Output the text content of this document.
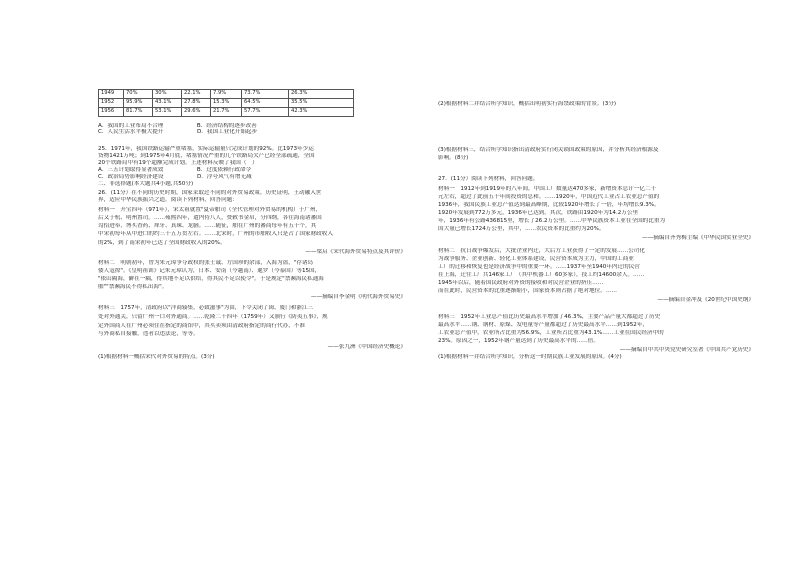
1949	70%	30%	22.1%	7.9%	73.7%	26.3%
1952	95.9%	43.1%	27.8%	15.3%	64.5%	35.5%
1956	81.7%	53.1%	29.6%	21.7%	57.7%	42.3%
A．我国的工业布局不合理　　　　　　B．经济结构的逐步改善
C．人民生活水平极大提升　　　　　　D．我国工业化开始起步
25．1971年，我国铁路运输严重堵塞，实际运输量只完成计划的92%。比1973年少运
货物1421万吨；到1975年4月底，堵塞情况严重的几个铁路局欠产已经全部疏通，全国
20个铁路局中有19个超额完成计划。上述材料反映了我国（　）
A．三五计划取得显著成效　　　　　　B．过度依赖行政命令
C．政治局势影响经济建设　　　　　　D．浮夸风气有增无减
二、非选择题(本大题共4小题,共50分)
26．(11分）在不同的历史时期，国家采取过不同的对外贸易政策。历史证明，王动融入世
界，适应中华民族振兴之道。阅读下列材料，回答问题：
材料一　开宝四年（971年），宋太祖就置"夏帝舶司（全代管理对外贸易的机构）于广州，
后又于杭、明州置司。……雍熙四年，遣内侍八人，赍敕书金帛，分四纲，各往海南诸蕃国
勾招进奉，博买香药、犀牙、真珠、龙脑。……随征，舶在广州的蕃商每年有五十个，其
中宋初每年从中进口的约三十五万贯左右。……北宋时，广州的市舶收入只是占了国家财政收入
的2%，到了南宋初年已达了全国财政收入的20%。
——梁启《宋代海外贸易特点及其评价》
材料二　明朝初年，曾为朱元璋争夺政权的张士诚、方国珍的余部，入海为盗，"存诸岛
倭人寇掠"。《皇明祖训》记朱元璋认为，日本、安南（今越南）、暹罗（今泰国）等15国，
"依山隔海，僻在一隅，得其地不足以供给，得其民不足以使令"。于是规定"禁濒海民私通海
舶""禁濒海民不得私出海"。
——摘编自李金明《明代海外贸易史》
材料三　1757年，清政府以"洋商辏集，必致滋事"为由，下令关闭了闽、厦门和浙江三
处对外通关，只留广州一口对外通商。……乾隆二十四年（1759年）又颁行《防夷五事》，规
定外国商人在广州必须住在指定的商馆中，其买卖须由清政府指定的商行代办，不准
与外商私自接触，违者以违法论，等等。
——张九洲《中国经济史概论》
(1)根据材料一概括宋代对外贸易的特点。(3分)
(2)根据材料二并结合所学知识，概括出明初实行海禁政策的背景。(3分)
(3)根据材料三，结合所学知识指出清政府实行闭关锁国政策的原因，并分析其经济根源及
影响。(8分)
27．(11分）阅读下列材料，回答问题。
材料一　1912年到1919年的八年间，中国工厂数量达470多家，新增资本总计一亿二千
元左右，超过了此前五十年间投资的总和。……1920年，中国近代工业占工农业总产值的
1936年，我国民族工业总产值达到最高峰期，比较1920年增长了一倍，年均增长9.3%。
1920年发展到772万多元，1936年已达到。其次，铁路由1920年为14.2万公里
年，1936年有公路436815里，增长了26.2万公里。……中华民族资本工业在全国的比重为
国大量已增长1724万公里，其中，……农民资本的比重约为20%。
——摘编自齐秀梅主编《中华民国实业全史》
材料二　抗日战争爆发后，大批企业内迁，大后方工业获得了一定的发展……公司化
为战争服务、企业创新、轻化工业体系建设，民营资本成为主力，中国的工商业
工厂的迁移和恢复也是经济战争中的重要一环。……1937年至1940年内迁的民营
在上海，迁往工厂共146家工厂（其中机器工厂60多家），技工约14600余人。……
1945年以后，随着国民政府对外资的接收和对民营企业的挤压……
而在此时，民营资本的比重逐渐缩小，国家资本则占据了绝对地位。……
——摘编自金冲及《20世纪中国史纲》
材料三　1952年工业总产值比历史最高水平增加了46.3%，主要产品产量大都超过了历史
最高水平……钢、钢材、原煤、发电量等产量都超过了历史最高水平……到1952年，
工农业总产值中，农业所占比重为56.9%，工业所占比重为43.1%……工业在国民经济中的
23%。原因之一，1952年钢产量达到了历史最高水平的……倍。
——摘编自中共中央党史研究室著《中国共产党历史》
(1)根据材料一并结合所学知识，分析这一时期民族工业发展的原因。(4分)
